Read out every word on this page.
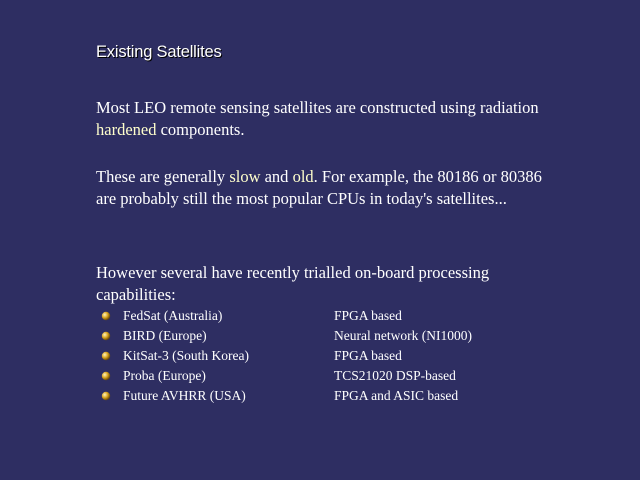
Existing Satellites
Most LEO remote sensing satellites are constructed using radiation hardened components.
These are generally slow and old. For example, the 80186 or 80386 are probably still the most popular CPUs in today's satellites...
However several have recently trialled on-board processing capabilities:
FedSat (Australia)	FPGA based
BIRD (Europe)	Neural network (NI1000)
KitSat-3 (South Korea)	FPGA based
Proba (Europe)	TCS21020 DSP-based
Future AVHRR (USA)	FPGA and ASIC based
